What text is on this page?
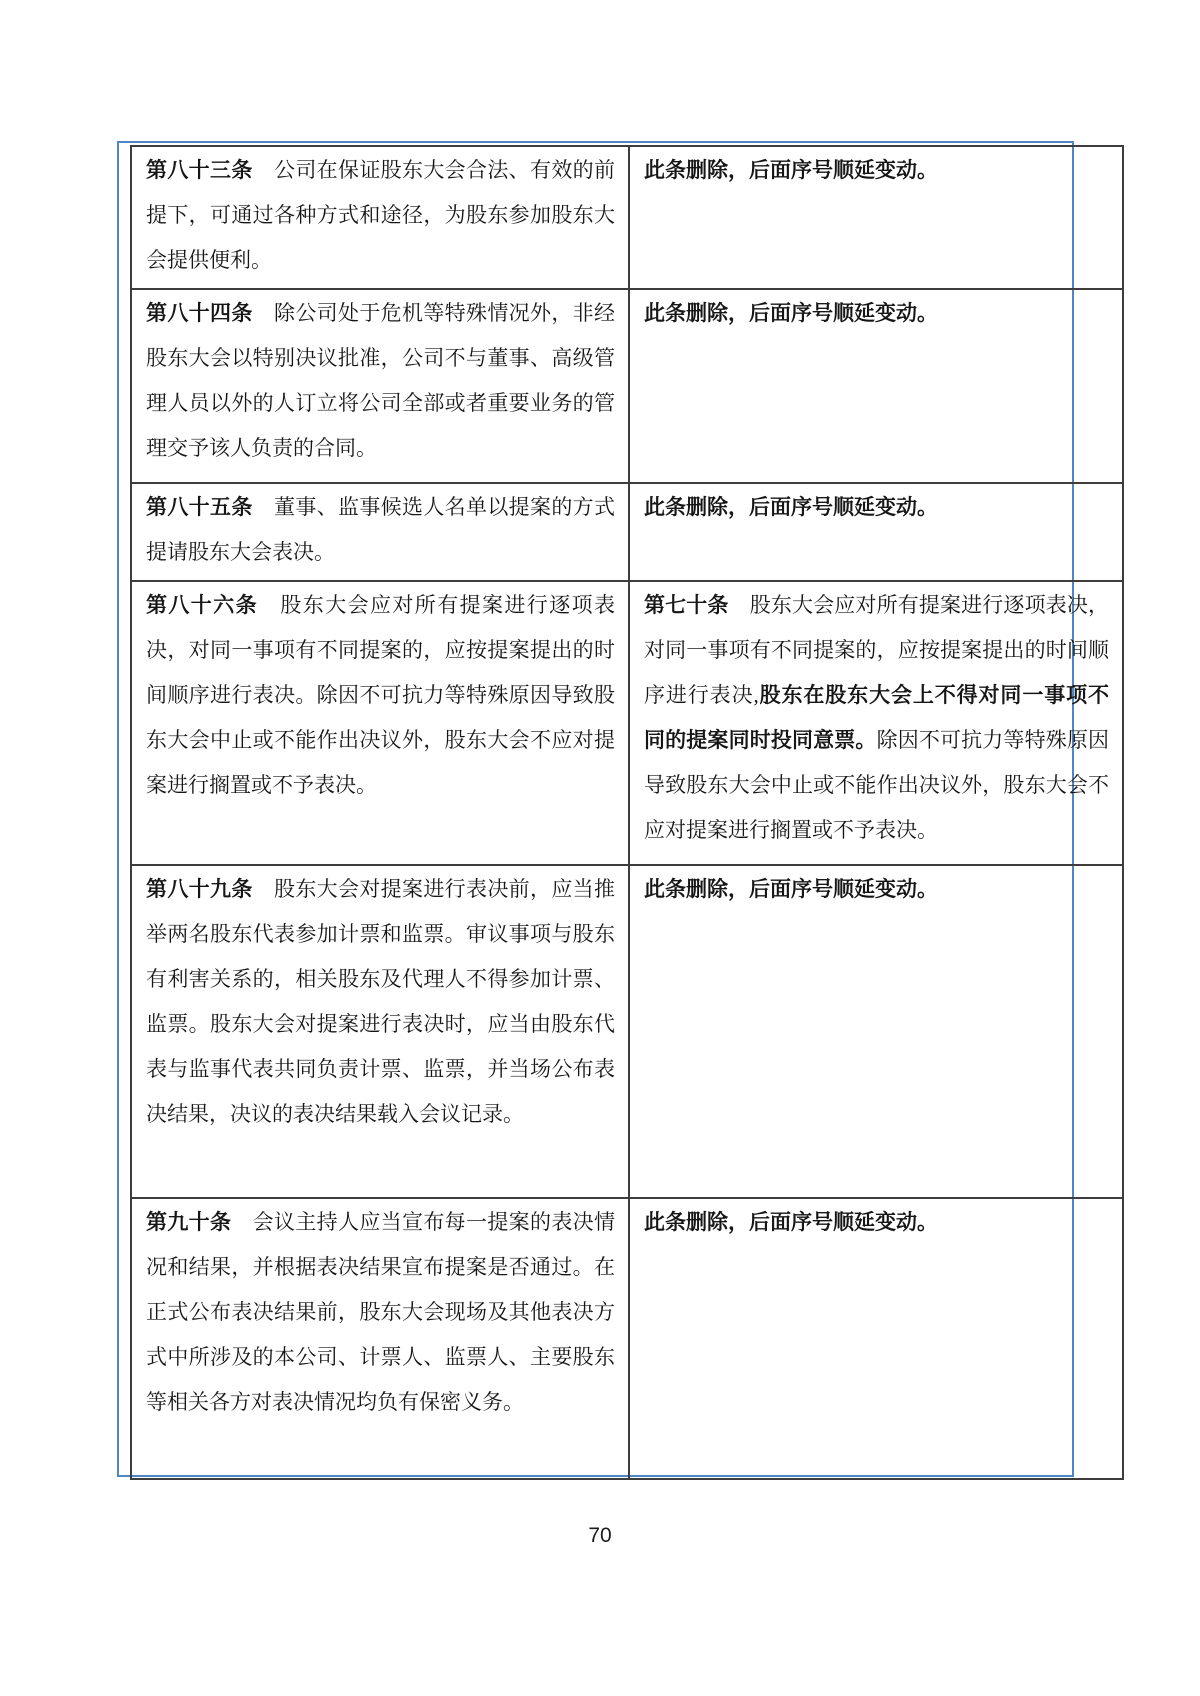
第八十三条　公司在保证股东大会合法、有效的前提下，可通过各种方式和途径，为股东参加股东大会提供便利。	此条删除，后面序号顺延变动。
第八十四条　除公司处于危机等特殊情况外，非经股东大会以特别决议批准，公司不与董事、高级管理人员以外的人订立将公司全部或者重要业务的管理交予该人负责的合同。	此条删除，后面序号顺延变动。
第八十五条　董事、监事候选人名单以提案的方式提请股东大会表决。	此条删除，后面序号顺延变动。
第八十六条　股东大会应对所有提案进行逐项表决，对同一事项有不同提案的，应按提案提出的时间顺序进行表决。除因不可抗力等特殊原因导致股东大会中止或不能作出决议外，股东大会不应对提案进行搁置或不予表决。	第七十条　股东大会应对所有提案进行逐项表决，对同一事项有不同提案的，应按提案提出的时间顺序进行表决,股东在股东大会上不得对同一事项不同的提案同时投同意票。除因不可抗力等特殊原因导致股东大会中止或不能作出决议外，股东大会不应对提案进行搁置或不予表决。
第八十九条　股东大会对提案进行表决前，应当推举两名股东代表参加计票和监票。审议事项与股东有利害关系的，相关股东及代理人不得参加计票、监票。股东大会对提案进行表决时，应当由股东代表与监事代表共同负责计票、监票，并当场公布表决结果，决议的表决结果载入会议记录。	此条删除，后面序号顺延变动。
第九十条　会议主持人应当宣布每一提案的表决情况和结果，并根据表决结果宣布提案是否通过。在正式公布表决结果前，股东大会现场及其他表决方式中所涉及的本公司、计票人、监票人、主要股东等相关各方对表决情况均负有保密义务。	此条删除，后面序号顺延变动。
70
